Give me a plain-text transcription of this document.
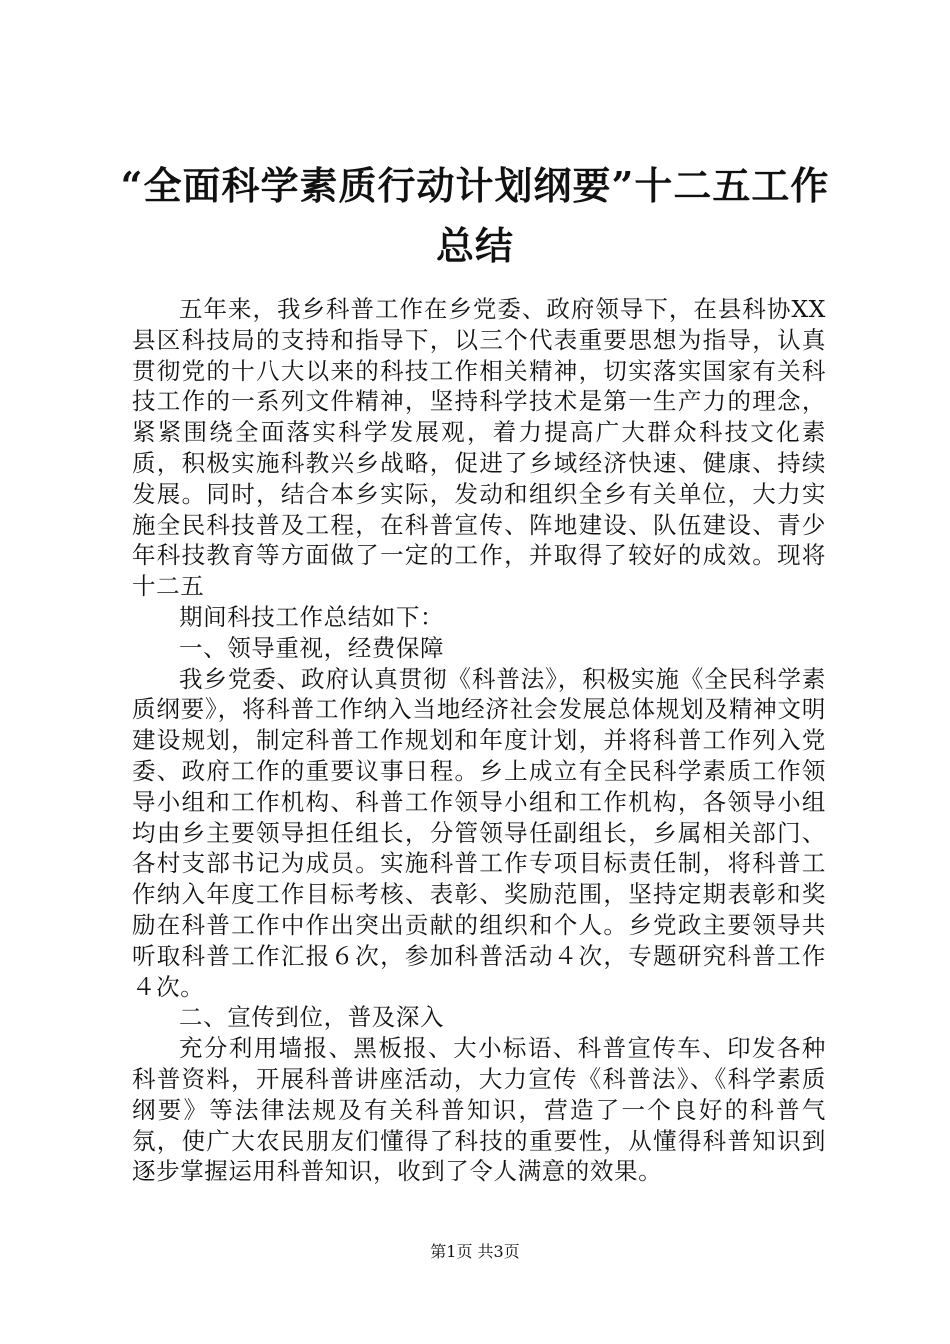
“全面科学素质行动计划纲要”十二五工作总结

五年来，我乡科普工作在乡党委、政府领导下，在县科协XX县区科技局的支持和指导下，以三个代表重要思想为指导，认真贯彻党的十八大以来的科技工作相关精神，切实落实国家有关科技工作的一系列文件精神，坚持科学技术是第一生产力的理念，紧紧围绕全面落实科学发展观，着力提高广大群众科技文化素质，积极实施科教兴乡战略，促进了乡域经济快速、健康、持续发展。同时，结合本乡实际，发动和组织全乡有关单位，大力实施全民科技普及工程，在科普宣传、阵地建设、队伍建设、青少年科技教育等方面做了一定的工作，并取得了较好的成效。现将十二五

期间科技工作总结如下：

一、领导重视，经费保障

我乡党委、政府认真贯彻《科普法》，积极实施《全民科学素质纲要》，将科普工作纳入当地经济社会发展总体规划及精神文明建设规划，制定科普工作规划和年度计划，并将科普工作列入党委、政府工作的重要议事日程。乡上成立有全民科学素质工作领导小组和工作机构、科普工作领导小组和工作机构，各领导小组均由乡主要领导担任组长，分管领导任副组长，乡属相关部门、各村支部书记为成员。实施科普工作专项目标责任制，将科普工作纳入年度工作目标考核、表彰、奖励范围，坚持定期表彰和奖励在科普工作中作出突出贡献的组织和个人。乡党政主要领导共听取科普工作汇报６次，参加科普活动４次，专题研究科普工作４次。

二、宣传到位，普及深入

充分利用墙报、黑板报、大小标语、科普宣传车、印发各种科普资料，开展科普讲座活动，大力宣传《科普法》、《科学素质纲要》等法律法规及有关科普知识，营造了一个良好的科普气氛，使广大农民朋友们懂得了科技的重要性，从懂得科普知识到逐步掌握运用科普知识，收到了令人满意的效果。

第1页 共3页
